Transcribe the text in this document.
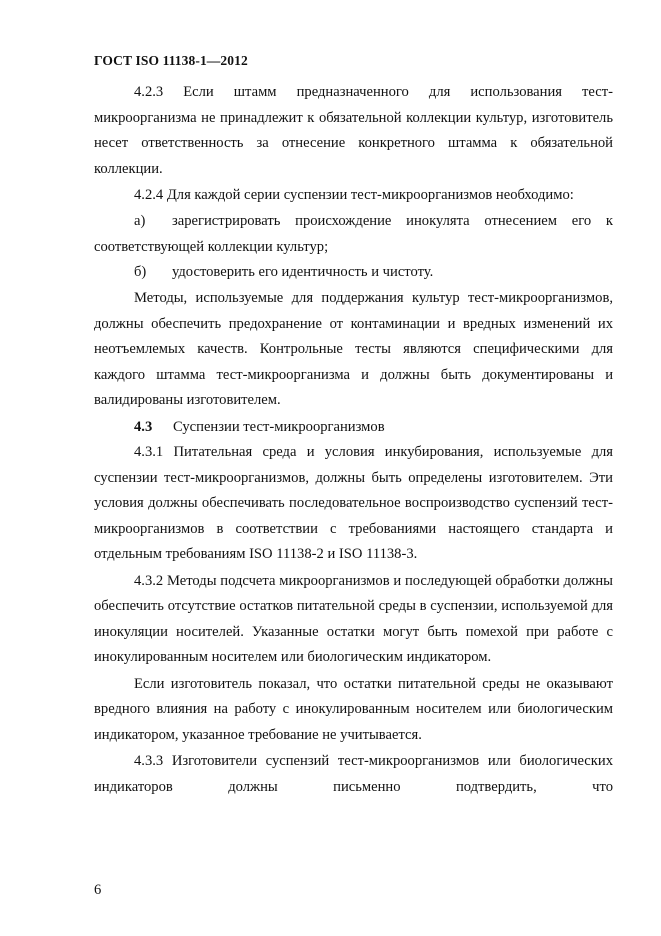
ГОСТ ISO 11138-1—2012

4.2.3 Если штамм предназначенного для использования тест-микроорганизма не принадлежит к обязательной коллекции культур, изготовитель несет ответственность за отнесение конкретного штамма к обязательной коллекции.

4.2.4 Для каждой серии суспензии тест-микроорганизмов необходимо:

а)	зарегистрировать происхождение инокулята отнесением его к

соответствующей коллекции культур;

б)	удостоверить его идентичность и чистоту.

Методы, используемые для поддержания культур тест-микроорганизмов, должны обеспечить предохранение от контаминации и вредных изменений их неотъемлемых качеств. Контрольные тесты являются специфическими для каждого штамма тест-микроорганизма и должны быть документированы и валидированы изготовителем.

4.3	Суспензии тест-микроорганизмов

4.3.1 Питательная среда и условия инкубирования, используемые для суспензии тест-микроорганизмов, должны быть определены изготовителем. Эти условия должны обеспечивать последовательное воспроизводство суспензий тест-микроорганизмов в соответствии с требованиями настоящего стандарта и отдельным требованиям ISO 11138-2 и ISO 11138-3.

4.3.2 Методы подсчета микроорганизмов и последующей обработки должны обеспечить отсутствие остатков питательной среды в суспензии, используемой для инокуляции носителей. Указанные остатки могут быть помехой при работе с инокулированным носителем или биологическим индикатором.

Если изготовитель показал, что остатки питательной среды не оказывают вредного влияния на работу с инокулированным носителем или биологическим индикатором, указанное требование не учитывается.

4.3.3 Изготовители суспензий тест-микроорганизмов или биологических индикаторов должны письменно подтвердить, что

6
